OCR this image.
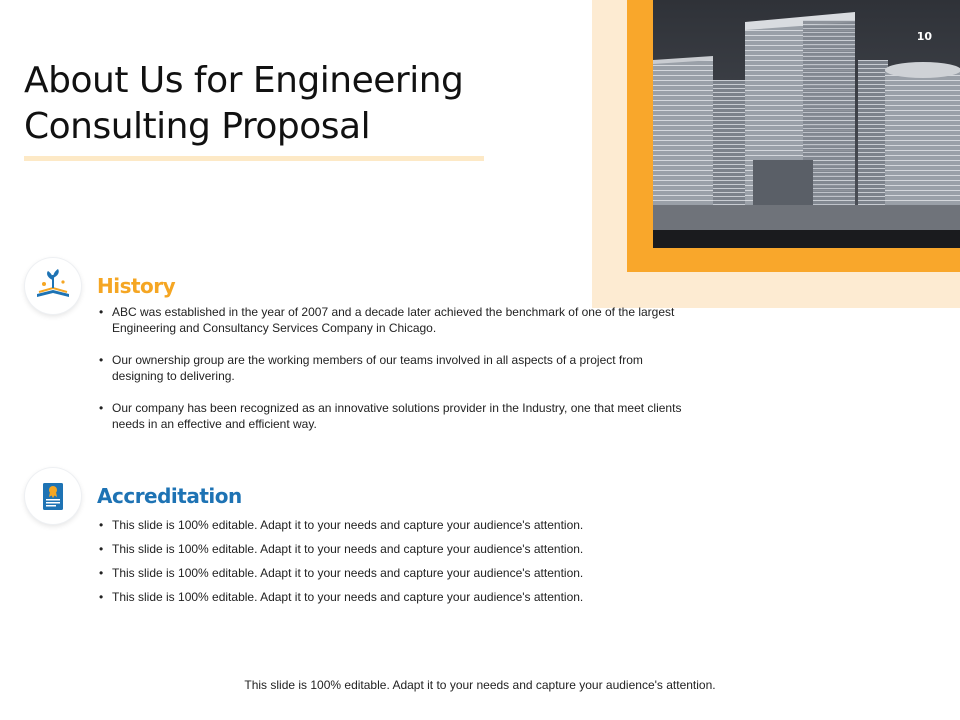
About Us for Engineering Consulting Proposal
10
History
• ABC was established in the year of 2007 and a decade later achieved the benchmark of one of the largest Engineering and Consultancy Services Company in Chicago.
• Our ownership group are the working members of our teams involved in all aspects of a project from designing to delivering.
• Our company has been recognized as an innovative solutions provider in the Industry, one that meet clients needs in an effective and efficient way.
Accreditation
• This slide is 100% editable. Adapt it to your needs and capture your audience's attention.
• This slide is 100% editable. Adapt it to your needs and capture your audience's attention.
• This slide is 100% editable. Adapt it to your needs and capture your audience's attention.
• This slide is 100% editable. Adapt it to your needs and capture your audience's attention.
This slide is 100% editable. Adapt it to your needs and capture your audience's attention.
